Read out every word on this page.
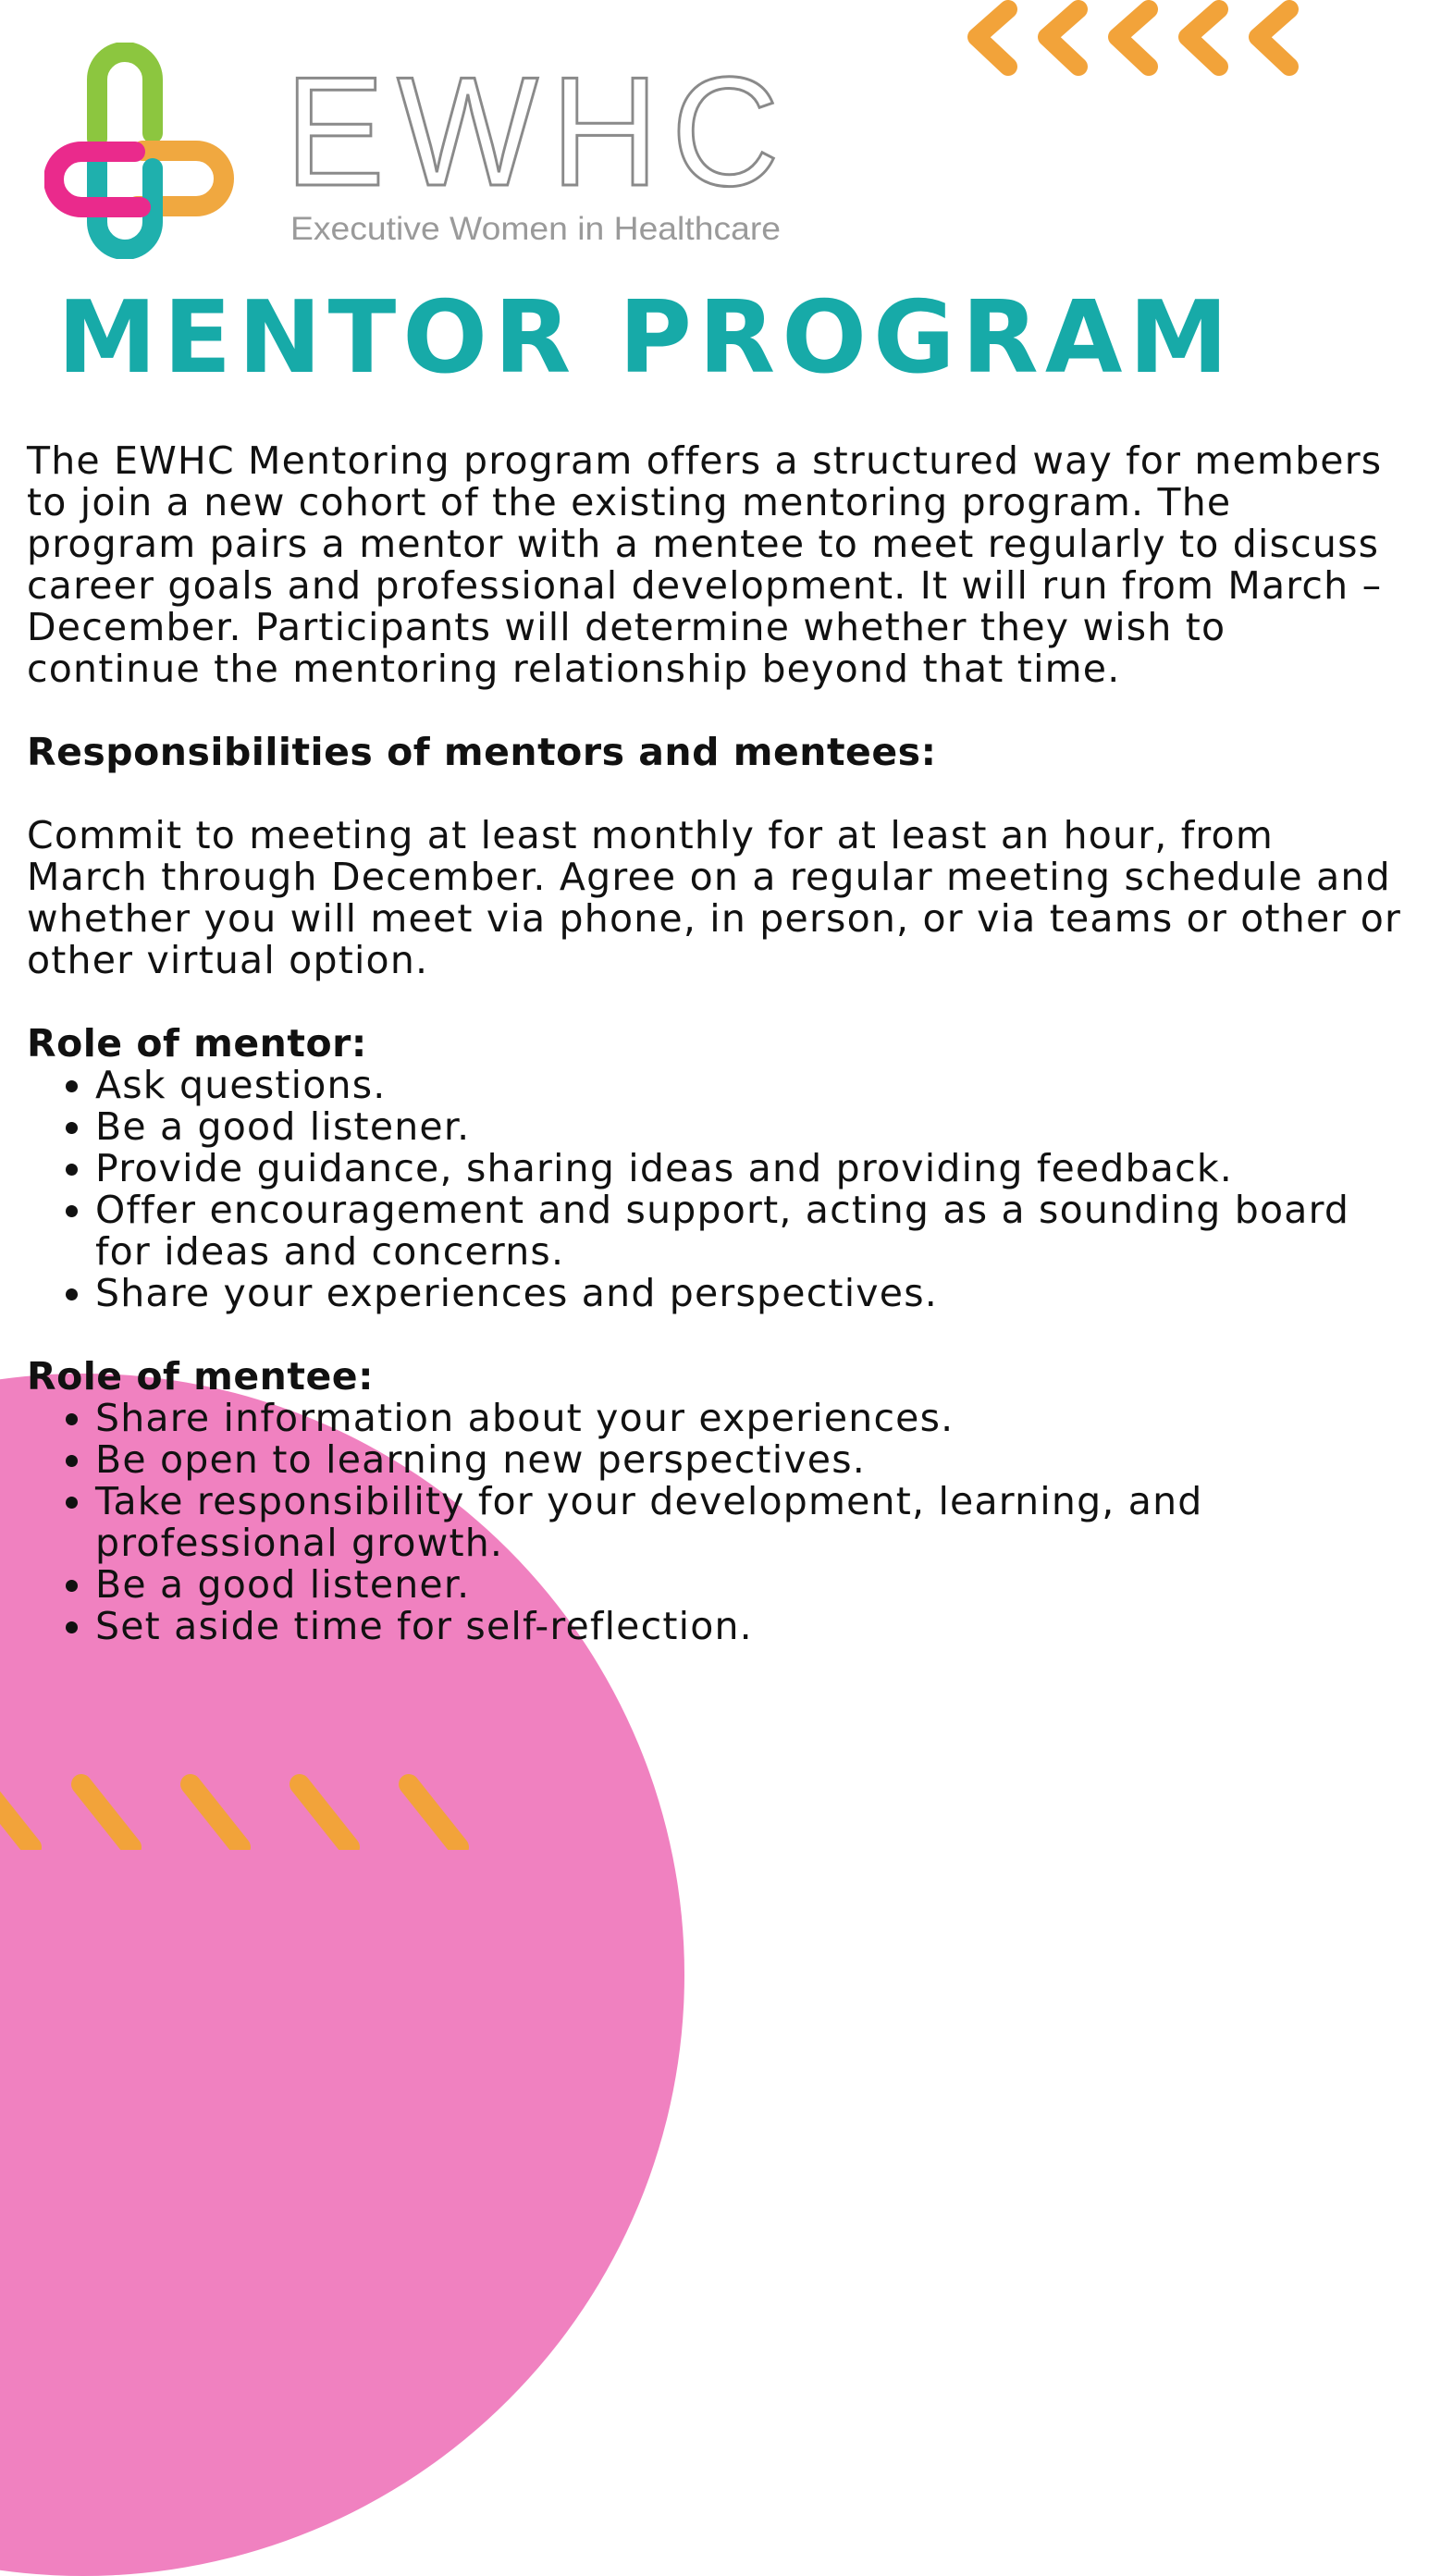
EWHC
Executive Women in Healthcare
MENTOR PROGRAM

The EWHC Mentoring program offers a structured way for members to join a new cohort of the existing mentoring program. The program pairs a mentor with a mentee to meet regularly to discuss career goals and professional development. It will run from March – December. Participants will determine whether they wish to continue the mentoring relationship beyond that time.

Responsibilities of mentors and mentees:

Commit to meeting at least monthly for at least an hour, from March through December. Agree on a regular meeting schedule and whether you will meet via phone, in person, or via teams or other or other virtual option.

Role of mentor:

• Ask questions.
• Be a good listener.
• Provide guidance, sharing ideas and providing feedback.
• Offer encouragement and support, acting as a sounding board for ideas and concerns.
• Share your experiences and perspectives.

Role of mentee:

• Share information about your experiences.
• Be open to learning new perspectives.
• Take responsibility for your development, learning, and professional growth.
• Be a good listener.
• Set aside time for self-reflection.
